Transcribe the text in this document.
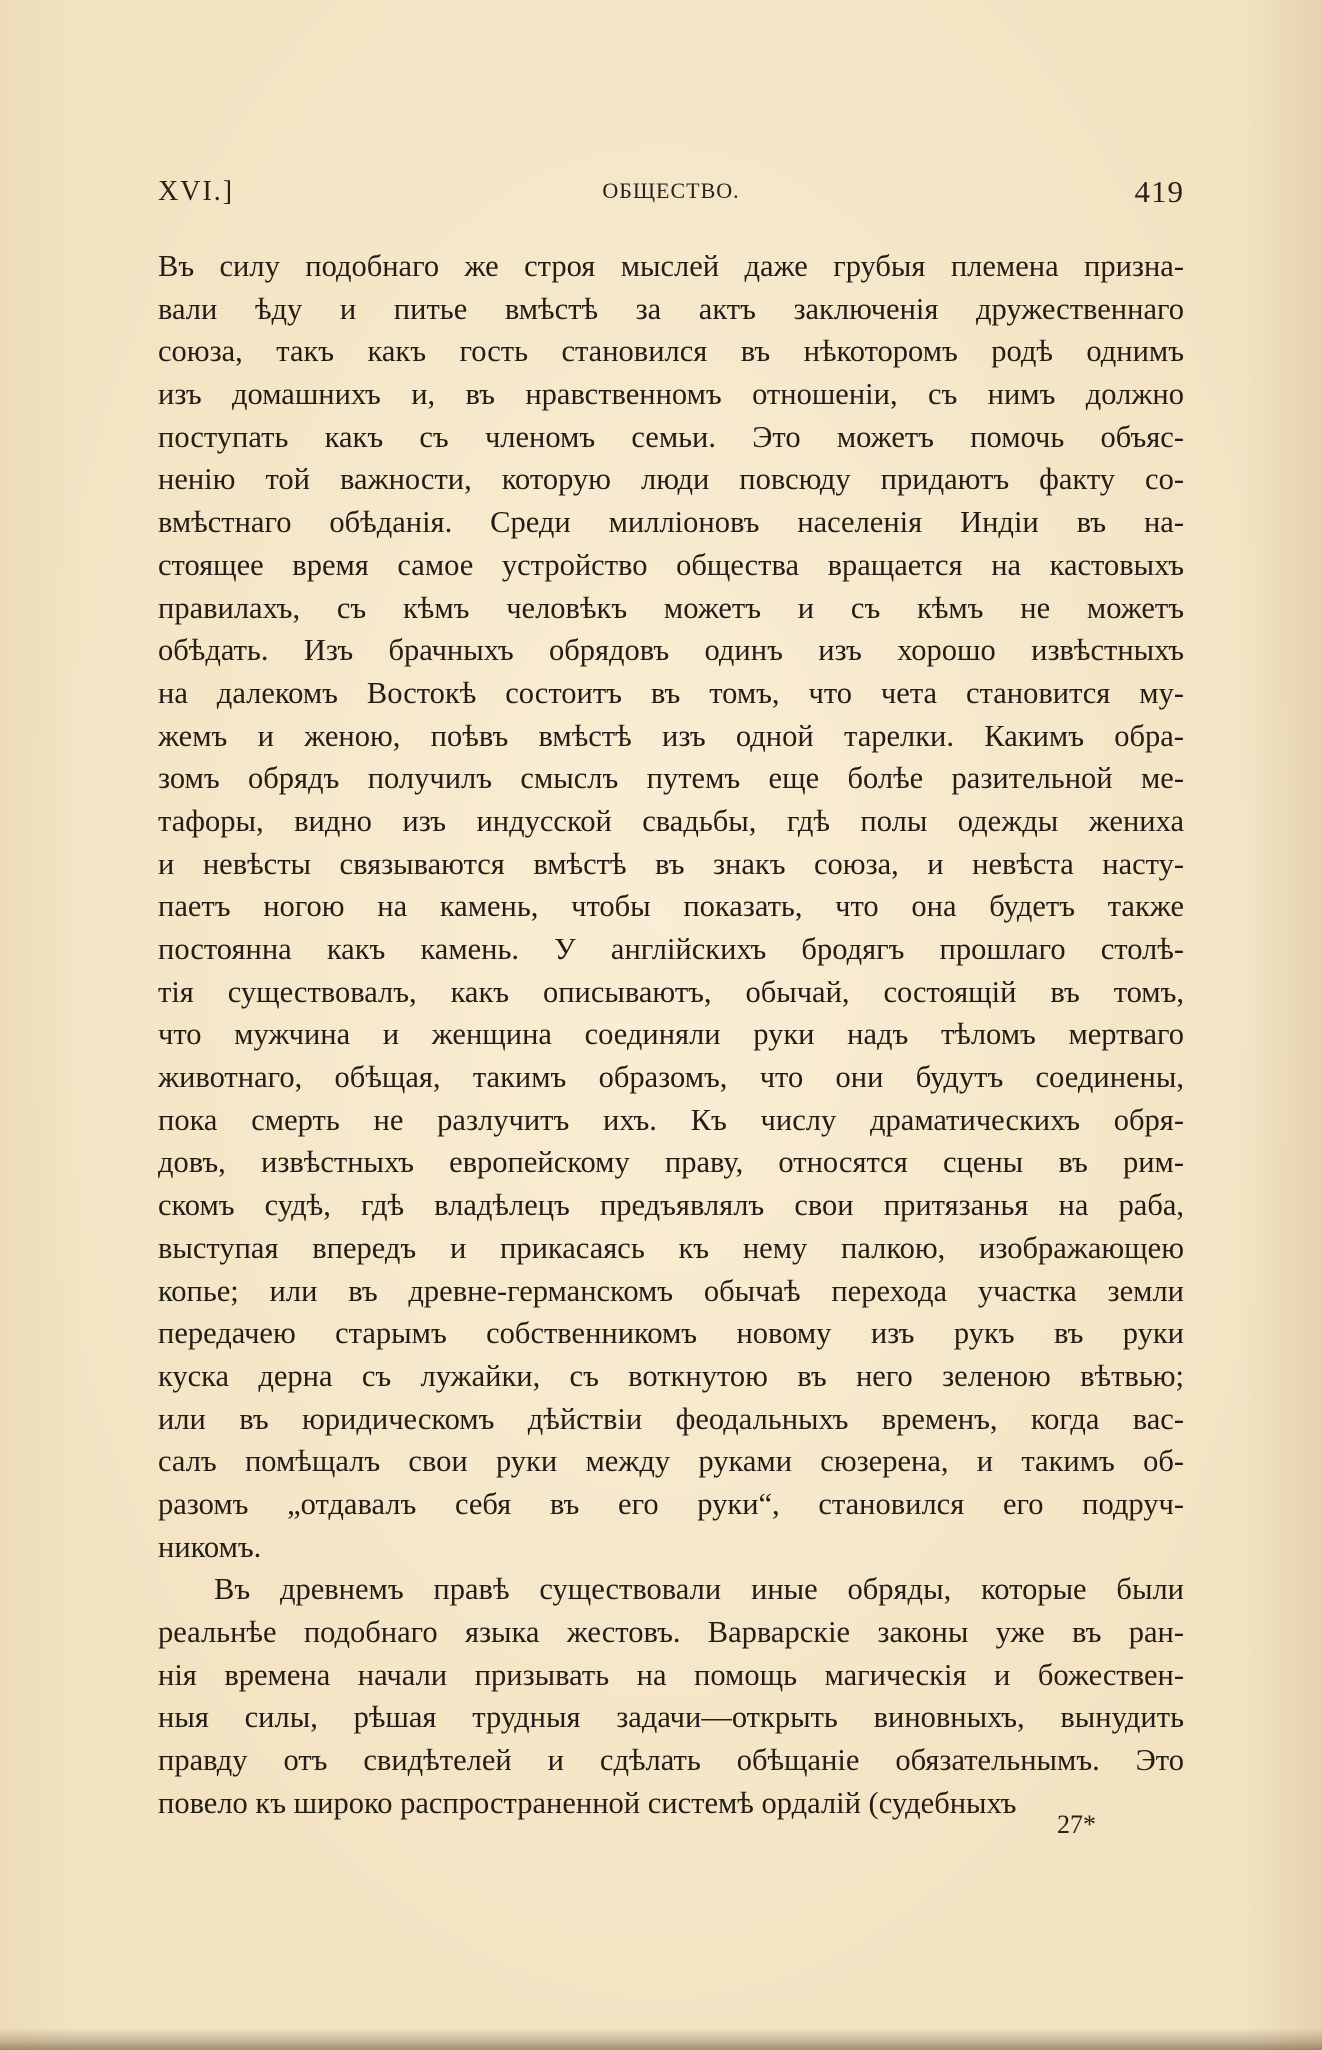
XVI.]	ОБЩЕСТВО.	419
Въ силу подобнаго же строя мыслей даже грубыя племена призна-
вали ѣду и питье вмѣстѣ за актъ заключенія дружественнаго
союза, такъ какъ гость становился въ нѣкоторомъ родѣ однимъ
изъ домашнихъ и, въ нравственномъ отношеніи, съ нимъ должно
поступать какъ съ членомъ семьи. Это можетъ помочь объяс-
ненію той важности, которую люди повсюду придаютъ факту со-
вмѣстнаго обѣданія. Среди милліоновъ населенія Индіи въ на-
стоящее время самое устройство общества вращается на кастовыхъ
правилахъ, съ кѣмъ человѣкъ можетъ и съ кѣмъ не можетъ
обѣдать. Изъ брачныхъ обрядовъ одинъ изъ хорошо извѣстныхъ
на далекомъ Востокѣ состоитъ въ томъ, что чета становится му-
жемъ и женою, поѣвъ вмѣстѣ изъ одной тарелки. Какимъ обра-
зомъ обрядъ получилъ смыслъ путемъ еще болѣе разительной ме-
тафоры, видно изъ индусской свадьбы, гдѣ полы одежды жениха
и невѣсты связываются вмѣстѣ въ знакъ союза, и невѣста насту-
паетъ ногою на камень, чтобы показать, что она будетъ также
постоянна какъ камень. У англійскихъ бродягъ прошлаго столѣ-
тія существовалъ, какъ описываютъ, обычай, состоящій въ томъ,
что мужчина и женщина соединяли руки надъ тѣломъ мертваго
животнаго, обѣщая, такимъ образомъ, что они будутъ соединены,
пока смерть не разлучитъ ихъ. Къ числу драматическихъ обря-
довъ, извѣстныхъ европейскому праву, относятся сцены въ рим-
скомъ судѣ, гдѣ владѣлецъ предъявлялъ свои притязанья на раба,
выступая впередъ и прикасаясь къ нему палкою, изображающею
копье; или въ древне-германскомъ обычаѣ перехода участка земли
передачею старымъ собственникомъ новому изъ рукъ въ руки
куска дерна съ лужайки, съ воткнутою въ него зеленою вѣтвью;
или въ юридическомъ дѣйствіи феодальныхъ временъ, когда вас-
салъ помѣщалъ свои руки между руками сюзерена, и такимъ об-
разомъ „отдавалъ себя въ его руки“, становился его подруч-
никомъ.
Въ древнемъ правѣ существовали иные обряды, которые были
реальнѣе подобнаго языка жестовъ. Варварскіе законы уже въ ран-
нія времена начали призывать на помощь магическія и божествен-
ныя силы, рѣшая трудныя задачи—открыть виновныхъ, вынудить
правду отъ свидѣтелей и сдѣлать обѣщаніе обязательнымъ. Это
повело къ широко распространенной системѣ ордалій (судебныхъ
27*
